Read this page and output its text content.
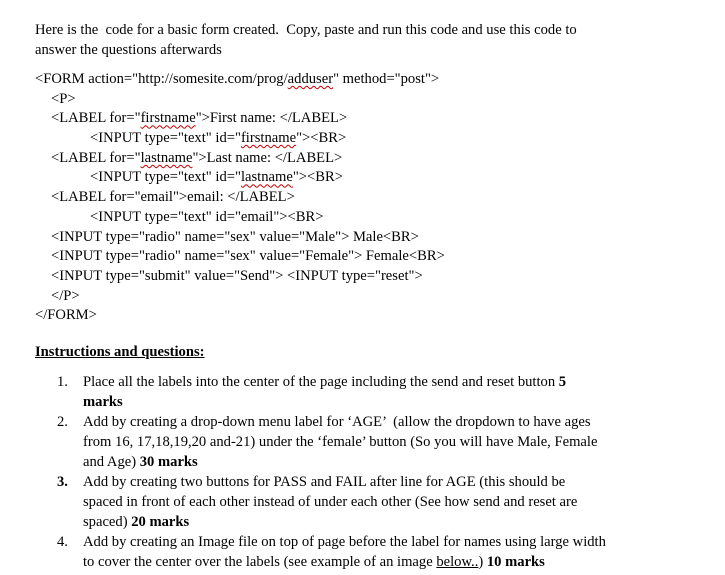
Here is the  code for a basic form created.  Copy, paste and run this code and use this code to
answer the questions afterwards

<FORM action="http://somesite.com/prog/adduser" method="post">
<P>
<LABEL for="firstname">First name: </LABEL>
<INPUT type="text" id="firstname"><BR>
<LABEL for="lastname">Last name: </LABEL>
<INPUT type="text" id="lastname"><BR>
<LABEL for="email">email: </LABEL>
<INPUT type="text" id="email"><BR>
<INPUT type="radio" name="sex" value="Male"> Male<BR>
<INPUT type="radio" name="sex" value="Female"> Female<BR>
<INPUT type="submit" value="Send"> <INPUT type="reset">
</P>
</FORM>
Instructions and questions:
1. Place all the labels into the center of the page including the send and reset button 5
marks
2. Add by creating a drop-down menu label for ‘AGE’  (allow the dropdown to have ages
from 16, 17,18,19,20 and-21) under the ‘female’ button (So you will have Male, Female
and Age) 30 marks
3. Add by creating two buttons for PASS and FAIL after line for AGE (this should be
spaced in front of each other instead of under each other (See how send and reset are
spaced) 20 marks
4. Add by creating an Image file on top of page before the label for names using large width
to cover the center over the labels (see example of an image below..) 10 marks
